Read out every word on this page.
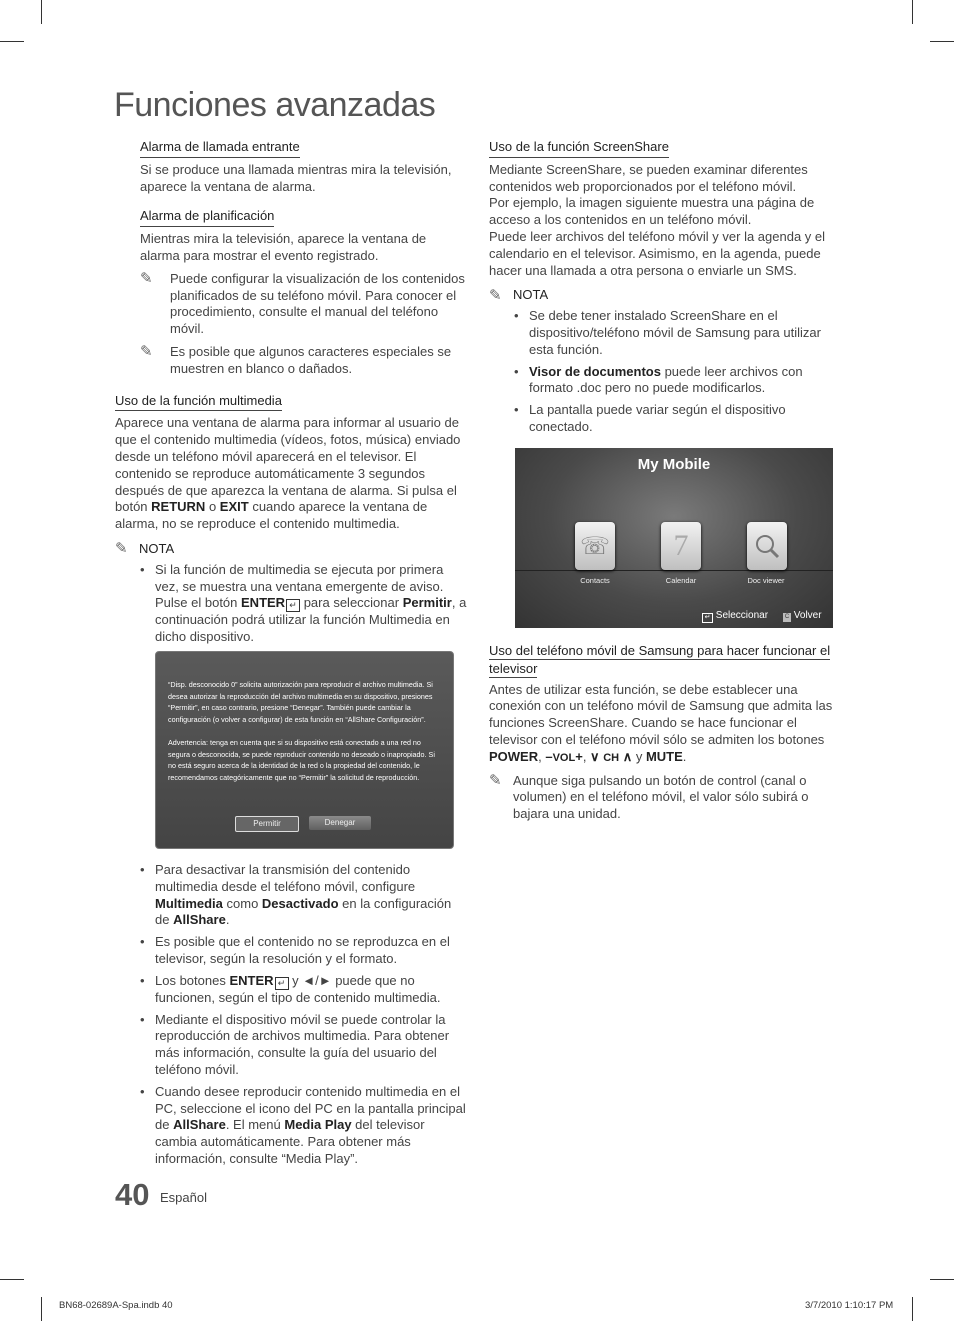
Funciones avanzadas

Alarma de llamada entrante

Si se produce una llamada mientras mira la televisión, aparece la ventana de alarma.

Alarma de planificación

Mientras mira la televisión, aparece la ventana de alarma para mostrar el evento registrado.

✎	Puede configurar la visualización de los contenidos planificados de su teléfono móvil. Para conocer el procedimiento, consulte el manual del teléfono móvil.
✎	Es posible que algunos caracteres especiales se muestren en blanco o dañados.

Uso de la función multimedia

Aparece una ventana de alarma para informar al usuario de que el contenido multimedia (vídeos, fotos, música) enviado desde un teléfono móvil aparecerá en el televisor. El contenido se reproduce automáticamente 3 segundos después de que aparezca la ventana de alarma. Si pulsa el botón RETURN o EXIT cuando aparece la ventana de alarma, no se reproduce el contenido multimedia.

✎ NOTA
• Si la función de multimedia se ejecuta por primera vez, se muestra una ventana emergente de aviso. Pulse el botón ENTER ↵ para seleccionar Permitir, a continuación podrá utilizar la función Multimedia en dicho dispositivo.
“Disp. desconocido 0” solicita autorización para reproducir el archivo multimedia. Si desea autorizar la reproducción del archivo multimedia en su dispositivo, presiones “Permitir”, en caso contrario, presione “Denegar”. También puede cambiar la configuración (o volver a configurar) de esta función en “AllShare Configuración”.

Advertencia: tenga en cuenta que si su dispositivo está conectado a una red no segura o desconocida, se puede reproducir contenido no deseado o inapropiado. Si no está seguro acerca de la identidad de la red o la propiedad del contenido, le recomendamos categóricamente que no “Permitir” la solicitud de reproducción.
Permitir	Denegar
• Para desactivar la transmisión del contenido multimedia desde el teléfono móvil, configure Multimedia como Desactivado en la configuración de AllShare.
• Es posible que el contenido no se reproduzca en el televisor, según la resolución y el formato.
• Los botones ENTER ↵ y ◄/► puede que no funcionen, según el tipo de contenido multimedia.
• Mediante el dispositivo móvil se puede controlar la reproducción de archivos multimedia. Para obtener más información, consulte la guía del usuario del teléfono móvil.
• Cuando desee reproducir contenido multimedia en el PC, seleccione el icono del PC en la pantalla principal de AllShare. El menú Media Play del televisor cambia automáticamente. Para obtener más información, consulte “Media Play”.

Uso de la función ScreenShare

Mediante ScreenShare, se pueden examinar diferentes contenidos web proporcionados por el teléfono móvil.

Por ejemplo, la imagen siguiente muestra una página de acceso a los contenidos en un teléfono móvil.

Puede leer archivos del teléfono móvil y ver la agenda y el calendario en el televisor. Asimismo, en la agenda, puede hacer una llamada a otra persona o enviarle un SMS.

✎ NOTA
• Se debe tener instalado ScreenShare en el dispositivo/teléfono móvil de Samsung para utilizar esta función.
• Visor de documentos puede leer archivos con formato .doc pero no puede modificarlos.
• La pantalla puede variar según el dispositivo conectado.
My Mobile
☏
Contacts
7
Calendar	Doc viewer
↵ Seleccionar	C Volver

Uso del teléfono móvil de Samsung para hacer funcionar el televisor

Antes de utilizar esta función, se debe establecer una conexión con un teléfono móvil de Samsung que admita las funciones ScreenShare. Cuando se hace funcionar el televisor con el teléfono móvil sólo se admiten los botones POWER, –VOL+, ∨ CH ∧ y MUTE.

✎ Aunque siga pulsando un botón de control (canal o volumen) en el teléfono móvil, el valor sólo subirá o bajara una unidad.
40 Español
BN68-02689A-Spa.indb 40	3/7/2010 1:10:17 PM
